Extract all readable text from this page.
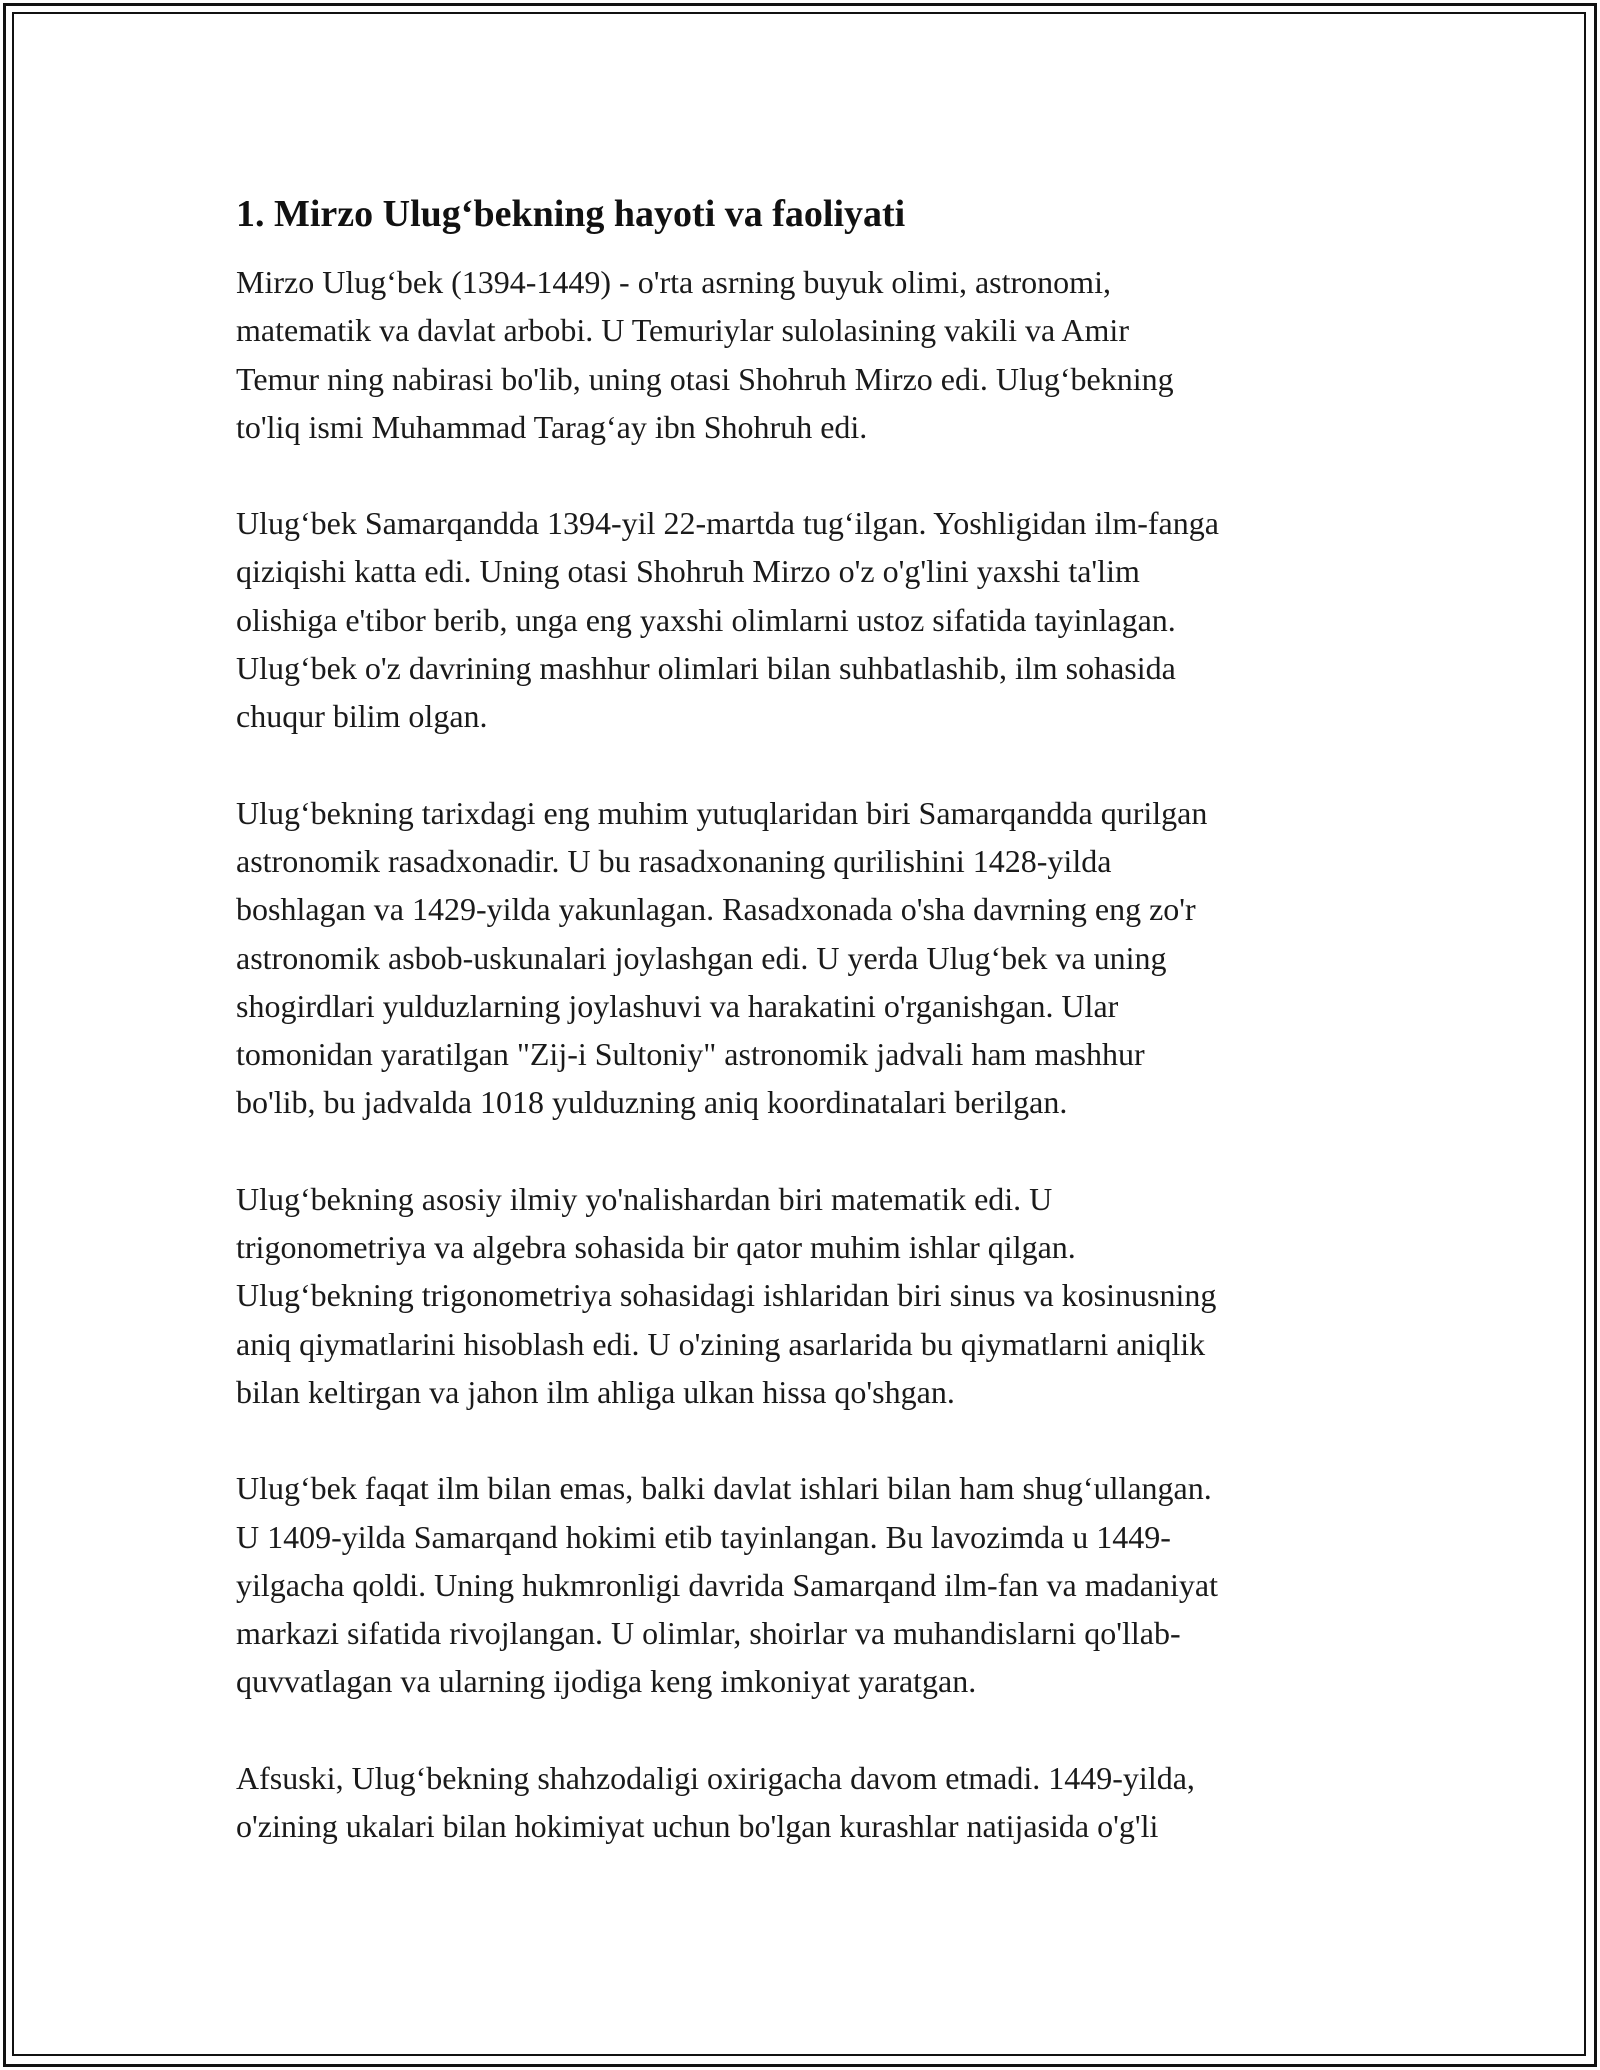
1. Mirzo Ulug‘bekning hayoti va faoliyati

Mirzo Ulug‘bek (1394-1449) - o'rta asrning buyuk olimi, astronomi,
matematik va davlat arbobi. U Temuriylar sulolasining vakili va Amir
Temur ning nabirasi bo'lib, uning otasi Shohruh Mirzo edi. Ulug‘bekning
to'liq ismi Muhammad Tarag‘ay ibn Shohruh edi.

Ulug‘bek Samarqandda 1394-yil 22-martda tug‘ilgan. Yoshligidan ilm-fanga
qiziqishi katta edi. Uning otasi Shohruh Mirzo o'z o'g'lini yaxshi ta'lim
olishiga e'tibor berib, unga eng yaxshi olimlarni ustoz sifatida tayinlagan.
Ulug‘bek o'z davrining mashhur olimlari bilan suhbatlashib, ilm sohasida
chuqur bilim olgan.

Ulug‘bekning tarixdagi eng muhim yutuqlaridan biri Samarqandda qurilgan
astronomik rasadxonadir. U bu rasadxonaning qurilishini 1428-yilda
boshlagan va 1429-yilda yakunlagan. Rasadxonada o'sha davrning eng zo'r
astronomik asbob-uskunalari joylashgan edi. U yerda Ulug‘bek va uning
shogirdlari yulduzlarning joylashuvi va harakatini o'rganishgan. Ular
tomonidan yaratilgan "Zij-i Sultoniy" astronomik jadvali ham mashhur
bo'lib, bu jadvalda 1018 yulduzning aniq koordinatalari berilgan.

Ulug‘bekning asosiy ilmiy yo'nalishardan biri matematik edi. U
trigonometriya va algebra sohasida bir qator muhim ishlar qilgan.
Ulug‘bekning trigonometriya sohasidagi ishlaridan biri sinus va kosinusning
aniq qiymatlarini hisoblash edi. U o'zining asarlarida bu qiymatlarni aniqlik
bilan keltirgan va jahon ilm ahliga ulkan hissa qo'shgan.

Ulug‘bek faqat ilm bilan emas, balki davlat ishlari bilan ham shug‘ullangan.
U 1409-yilda Samarqand hokimi etib tayinlangan. Bu lavozimda u 1449-
yilgacha qoldi. Uning hukmronligi davrida Samarqand ilm-fan va madaniyat
markazi sifatida rivojlangan. U olimlar, shoirlar va muhandislarni qo'llab-
quvvatlagan va ularning ijodiga keng imkoniyat yaratgan.

Afsuski, Ulug‘bekning shahzodaligi oxirigacha davom etmadi. 1449-yilda,
o'zining ukalari bilan hokimiyat uchun bo'lgan kurashlar natijasida o'g'li
